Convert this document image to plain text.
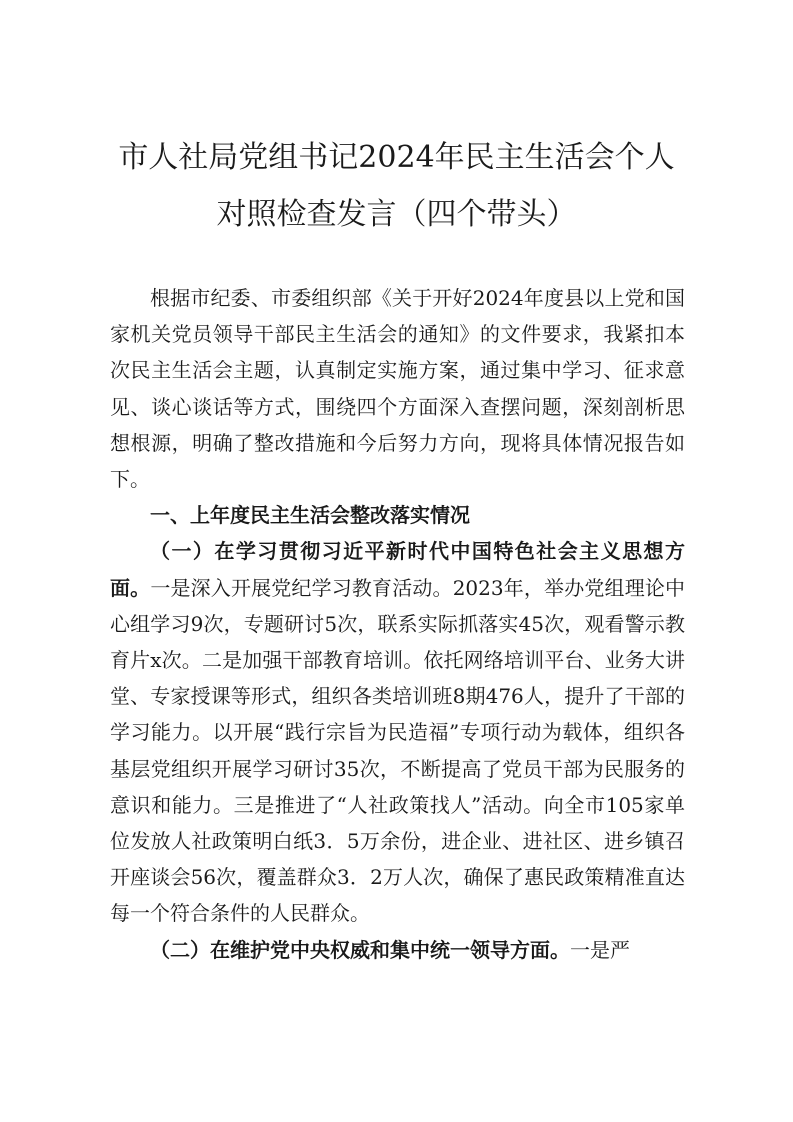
市人社局党组书记2024年民主生活会个人
对照检查发言（四个带头）

根据市纪委、市委组织部《关于开好2024年度县以上党和国家机关党员领导干部民主生活会的通知》的文件要求，我紧扣本次民主生活会主题，认真制定实施方案，通过集中学习、征求意见、谈心谈话等方式，围绕四个方面深入查摆问题，深刻剖析思想根源，明确了整改措施和今后努力方向，现将具体情况报告如下。

一、上年度民主生活会整改落实情况

（一）在学习贯彻习近平新时代中国特色社会主义思想方面。一是深入开展党纪学习教育活动。2023年，举办党组理论中心组学习9次，专题研讨5次，联系实际抓落实45次，观看警示教育片x次。二是加强干部教育培训。依托网络培训平台、业务大讲堂、专家授课等形式，组织各类培训班8期476人，提升了干部的学习能力。以开展“践行宗旨为民造福”专项行动为载体，组织各基层党组织开展学习研讨35次，不断提高了党员干部为民服务的意识和能力。三是推进了“人社政策找人”活动。向全市105家单位发放人社政策明白纸3．5万余份，进企业、进社区、进乡镇召开座谈会56次，覆盖群众3．2万人次，确保了惠民政策精准直达每一个符合条件的人民群众。

（二）在维护党中央权威和集中统一领导方面。一是严
